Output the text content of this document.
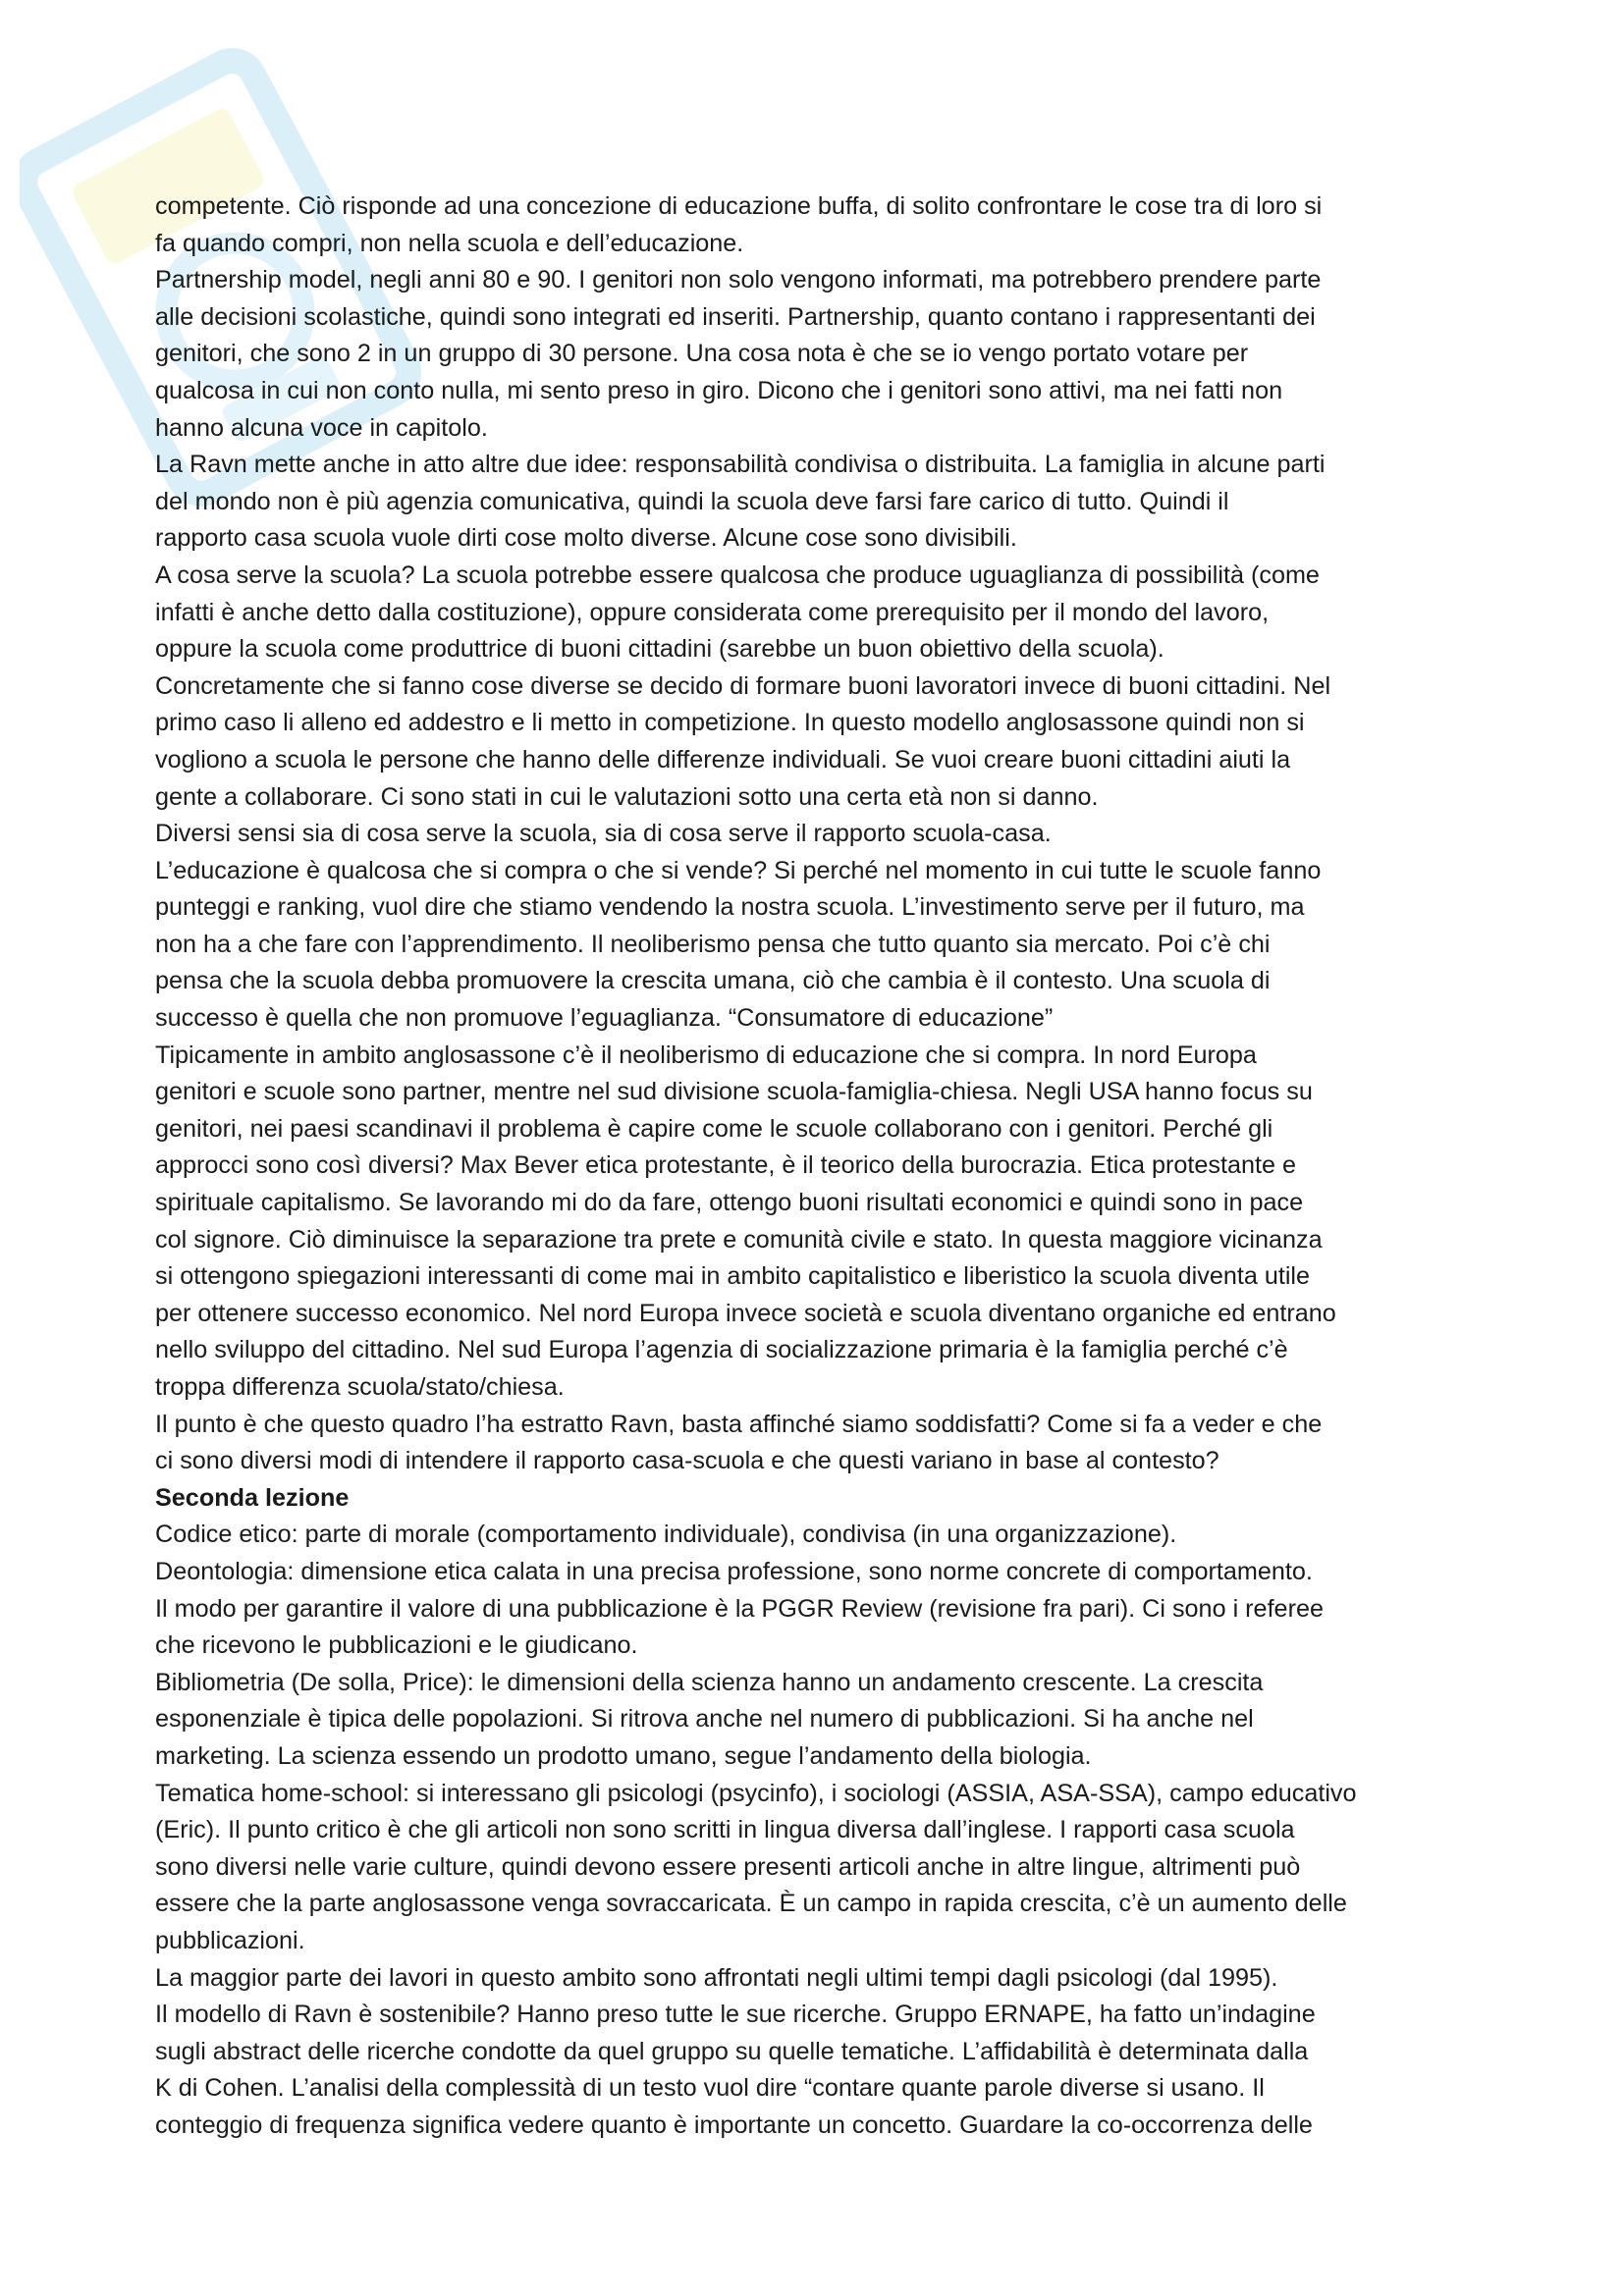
competente. Ciò risponde ad una concezione di educazione buffa, di solito confrontare le cose tra di loro si
fa quando compri, non nella scuola e dell’educazione.
Partnership model, negli anni 80 e 90. I genitori non solo vengono informati, ma potrebbero prendere parte
alle decisioni scolastiche, quindi sono integrati ed inseriti. Partnership, quanto contano i rappresentanti dei
genitori, che sono 2 in un gruppo di 30 persone. Una cosa nota è che se io vengo portato votare per
qualcosa in cui non conto nulla, mi sento preso in giro. Dicono che i genitori sono attivi, ma nei fatti non
hanno alcuna voce in capitolo.
La Ravn mette anche in atto altre due idee: responsabilità condivisa o distribuita. La famiglia in alcune parti
del mondo non è più agenzia comunicativa, quindi la scuola deve farsi fare carico di tutto. Quindi il
rapporto casa scuola vuole dirti cose molto diverse. Alcune cose sono divisibili.
A cosa serve la scuola? La scuola potrebbe essere qualcosa che produce uguaglianza di possibilità (come
infatti è anche detto dalla costituzione), oppure considerata come prerequisito per il mondo del lavoro,
oppure la scuola come produttrice di buoni cittadini (sarebbe un buon obiettivo della scuola).
Concretamente che si fanno cose diverse se decido di formare buoni lavoratori invece di buoni cittadini. Nel
primo caso li alleno ed addestro e li metto in competizione. In questo modello anglosassone quindi non si
vogliono a scuola le persone che hanno delle differenze individuali. Se vuoi creare buoni cittadini aiuti la
gente a collaborare. Ci sono stati in cui le valutazioni sotto una certa età non si danno.
Diversi sensi sia di cosa serve la scuola, sia di cosa serve il rapporto scuola-casa.
L’educazione è qualcosa che si compra o che si vende? Si perché nel momento in cui tutte le scuole fanno
punteggi e ranking, vuol dire che stiamo vendendo la nostra scuola. L’investimento serve per il futuro, ma
non ha a che fare con l’apprendimento. Il neoliberismo pensa che tutto quanto sia mercato. Poi c’è chi
pensa che la scuola debba promuovere la crescita umana, ciò che cambia è il contesto. Una scuola di
successo è quella che non promuove l’eguaglianza. “Consumatore di educazione”
Tipicamente in ambito anglosassone c’è il neoliberismo di educazione che si compra. In nord Europa
genitori e scuole sono partner, mentre nel sud divisione scuola-famiglia-chiesa. Negli USA hanno focus su
genitori, nei paesi scandinavi il problema è capire come le scuole collaborano con i genitori. Perché gli
approcci sono così diversi? Max Bever etica protestante, è il teorico della burocrazia. Etica protestante e
spirituale capitalismo. Se lavorando mi do da fare, ottengo buoni risultati economici e quindi sono in pace
col signore. Ciò diminuisce la separazione tra prete e comunità civile e stato. In questa maggiore vicinanza
si ottengono spiegazioni interessanti di come mai in ambito capitalistico e liberistico la scuola diventa utile
per ottenere successo economico. Nel nord Europa invece società e scuola diventano organiche ed entrano
nello sviluppo del cittadino. Nel sud Europa l’agenzia di socializzazione primaria è la famiglia perché c’è
troppa differenza scuola/stato/chiesa.
Il punto è che questo quadro l’ha estratto Ravn, basta affinché siamo soddisfatti? Come si fa a veder e che
ci sono diversi modi di intendere il rapporto casa-scuola e che questi variano in base al contesto?
Seconda lezione
Codice etico: parte di morale (comportamento individuale), condivisa (in una organizzazione).
Deontologia: dimensione etica calata in una precisa professione, sono norme concrete di comportamento.
Il modo per garantire il valore di una pubblicazione è la PGGR Review (revisione fra pari). Ci sono i referee
che ricevono le pubblicazioni e le giudicano.
Bibliometria (De solla, Price): le dimensioni della scienza hanno un andamento crescente. La crescita
esponenziale è tipica delle popolazioni. Si ritrova anche nel numero di pubblicazioni. Si ha anche nel
marketing. La scienza essendo un prodotto umano, segue l’andamento della biologia.
Tematica home-school: si interessano gli psicologi (psycinfo), i sociologi (ASSIA, ASA-SSA), campo educativo
(Eric). Il punto critico è che gli articoli non sono scritti in lingua diversa dall’inglese. I rapporti casa scuola
sono diversi nelle varie culture, quindi devono essere presenti articoli anche in altre lingue, altrimenti può
essere che la parte anglosassone venga sovraccaricata. È un campo in rapida crescita, c’è un aumento delle
pubblicazioni.
La maggior parte dei lavori in questo ambito sono affrontati negli ultimi tempi dagli psicologi (dal 1995).
Il modello di Ravn è sostenibile? Hanno preso tutte le sue ricerche. Gruppo ERNAPE, ha fatto un’indagine
sugli abstract delle ricerche condotte da quel gruppo su quelle tematiche. L’affidabilità è determinata dalla
K di Cohen. L’analisi della complessità di un testo vuol dire “contare quante parole diverse si usano. Il
conteggio di frequenza significa vedere quanto è importante un concetto. Guardare la co-occorrenza delle
